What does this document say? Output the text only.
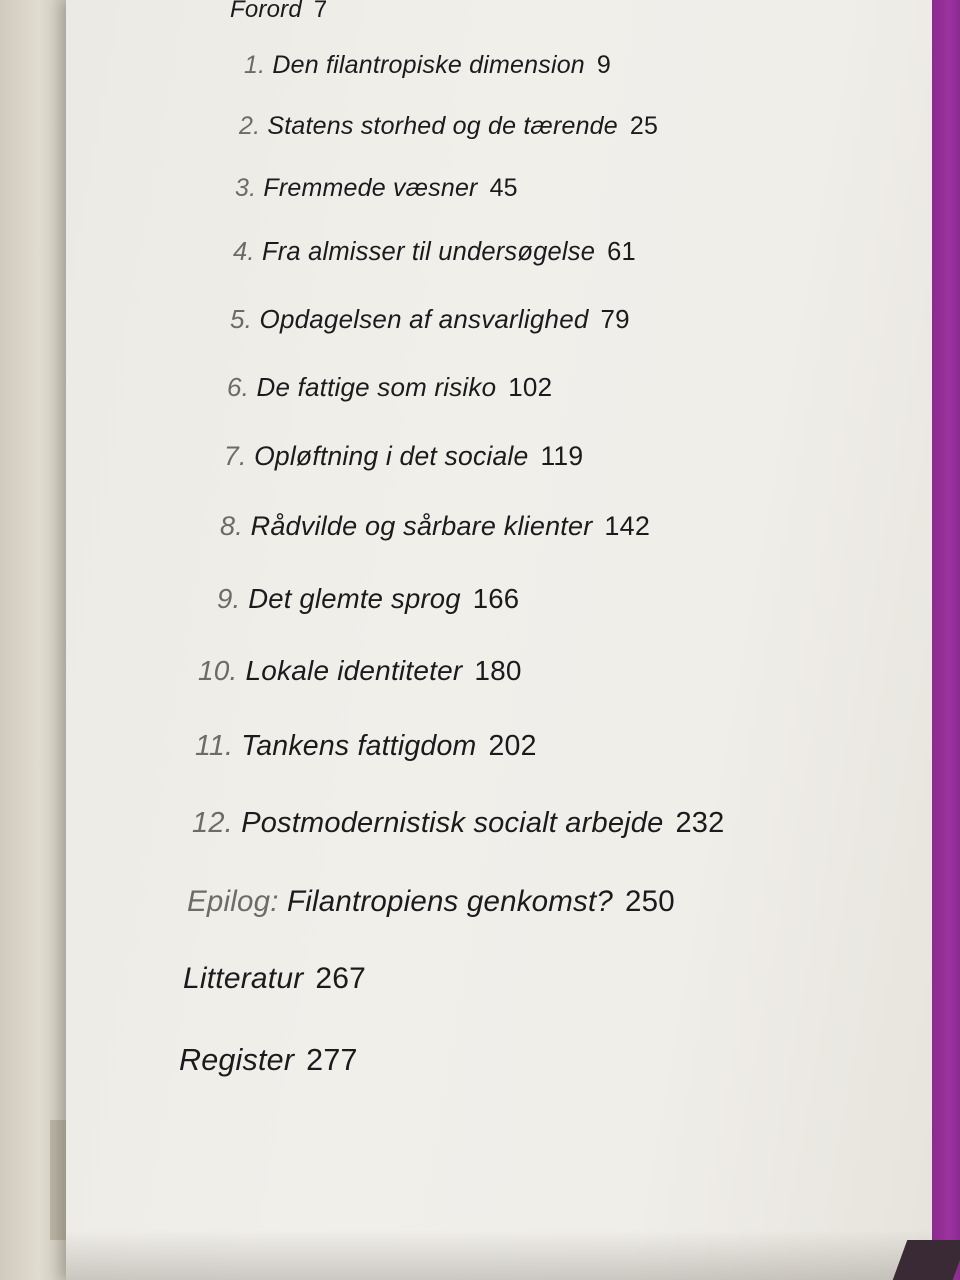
Forord 7
1. Den filantropiske dimension 9
2. Statens storhed og de tærende 25
3. Fremmede væsner 45
4. Fra almisser til undersøgelse 61
5. Opdagelsen af ansvarlighed 79
6. De fattige som risiko 102
7. Opløftning i det sociale 119
8. Rådvilde og sårbare klienter 142
9. Det glemte sprog 166
10. Lokale identiteter 180
11. Tankens fattigdom 202
12. Postmodernistisk socialt arbejde 232
Epilog: Filantropiens genkomst? 250
Litteratur 267
Register 277
